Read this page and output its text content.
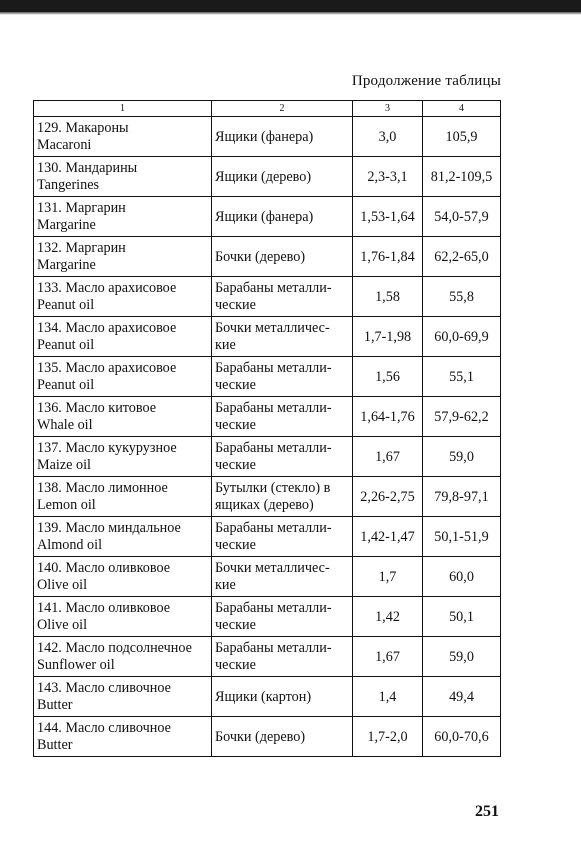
Продолжение таблицы
1	2	3	4

129. Макароны
Macaroni	Ящики (фанера)	3,0	105,9

130. Мандарины
Tangerines	Ящики (дерево)	2,3-3,1	81,2-109,5

131. Маргарин
Margarine	Ящики (фанера)	1,53-1,64	54,0-57,9

132. Маргарин
Margarine	Бочки (дерево)	1,76-1,84	62,2-65,0

133. Масло арахисовое
Peanut oil	Барабаны металли-
ческие	1,58	55,8

134. Масло арахисовое
Peanut oil	Бочки металличес-
кие	1,7-1,98	60,0-69,9

135. Масло арахисовое
Peanut oil	Барабаны металли-
ческие	1,56	55,1

136. Масло китовое
Whale oil	Барабаны металли-
ческие	1,64-1,76	57,9-62,2

137. Масло кукурузное
Maize oil	Барабаны металли-
ческие	1,67	59,0

138. Масло лимонное
Lemon oil	Бутылки (стекло) в
ящиках (дерево)	2,26-2,75	79,8-97,1

139. Масло миндальное
Almond oil	Барабаны металли-
ческие	1,42-1,47	50,1-51,9

140. Масло оливковое
Olive oil	Бочки металличес-
кие	1,7	60,0

141. Масло оливковое
Olive oil	Барабаны металли-
ческие	1,42	50,1

142. Масло подсолнечное
Sunflower oil	Барабаны металли-
ческие	1,67	59,0

143. Масло сливочное
Butter	Ящики (картон)	1,4	49,4

144. Масло сливочное
Butter	Бочки (дерево)	1,7-2,0	60,0-70,6
251
